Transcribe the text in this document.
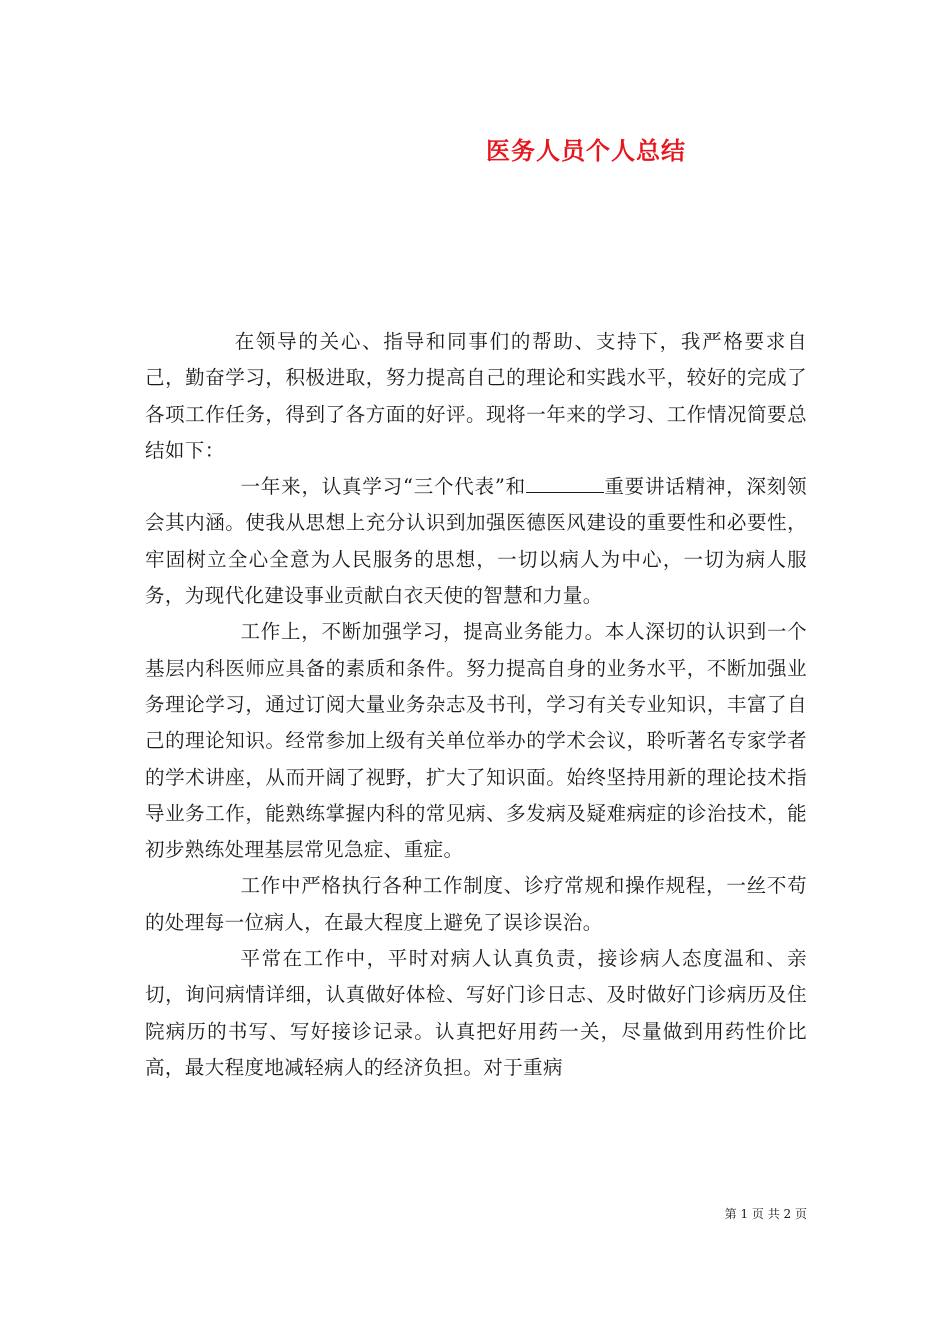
医务人员个人总结

在领导的关心、指导和同事们的帮助、支持下，我严格要求自己，勤奋学习，积极进取，努力提高自己的理论和实践水平，较好的完成了各项工作任务，得到了各方面的好评。现将一年来的学习、工作情况简要总结如下：

一年来，认真学习“三个代表”和	重要讲话精神，深刻领会其内涵。使我从思想上充分认识到加强医德医风建设的重要性和必要性，牢固树立全心全意为人民服务的思想，一切以病人为中心，一切为病人服务，为现代化建设事业贡献白衣天使的智慧和力量。

工作上，不断加强学习，提高业务能力。本人深切的认识到一个基层内科医师应具备的素质和条件。努力提高自身的业务水平，不断加强业务理论学习，通过订阅大量业务杂志及书刊，学习有关专业知识，丰富了自己的理论知识。经常参加上级有关单位举办的学术会议，聆听著名专家学者的学术讲座，从而开阔了视野，扩大了知识面。始终坚持用新的理论技术指导业务工作，能熟练掌握内科的常见病、多发病及疑难病症的诊治技术，能初步熟练处理基层常见急症、重症。

工作中严格执行各种工作制度、诊疗常规和操作规程，一丝不苟的处理每一位病人，在最大程度上避免了误诊误治。

平常在工作中，平时对病人认真负责，接诊病人态度温和、亲切，询问病情详细，认真做好体检、写好门诊日志、及时做好门诊病历及住院病历的书写、写好接诊记录。认真把好用药一关，尽量做到用药性价比高，最大程度地减轻病人的经济负担。对于重病

第 1 页 共 2 页
